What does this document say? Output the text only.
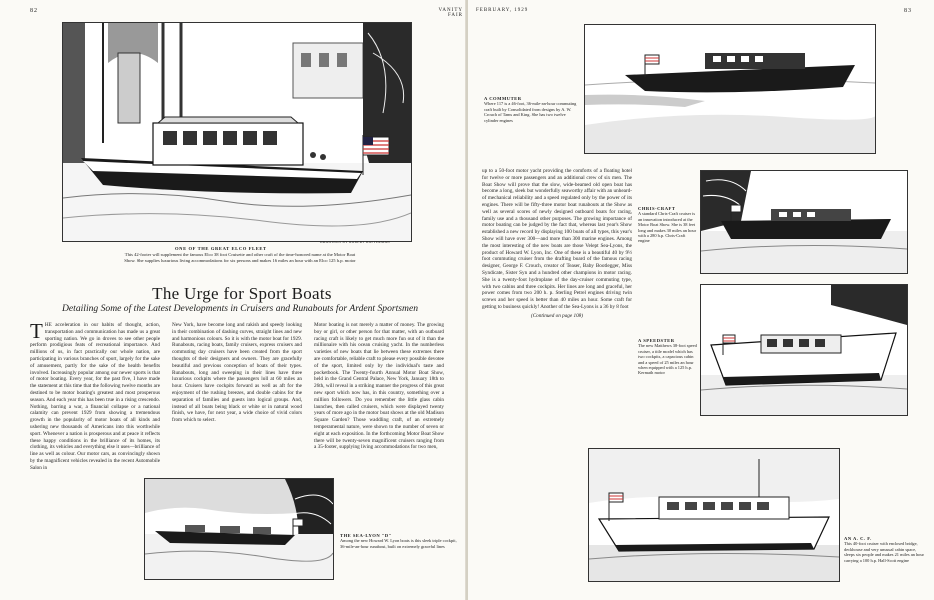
82	VANITY FAIR
ONE OF THE GREAT ELCO FLEET
DRAWINGS BY ROBERT BATTERMAN
This 42-footer will supplement the famous Elco 38 foot Cruisette and other craft of the time-honored name at the Motor Boat Show. She supplies luxurious living accommodations for six persons and makes 16 miles an hour with an Elco 125 h.p. motor
The Urge for Sport Boats
Detailing Some of the Latest Developments in Cruisers and Runabouts for Ardent Sportsmen
T HE acceleration in our habits of thought, action, transportation and communication has made us a great sporting nation. We go in droves to see other people perform prodigious feats of recreational importance. And millions of us, in fact practically our whole nation, are participating in various branches of sport, largely for the sake of amusement, partly for the sake of the health benefits involved. Increasingly popular among our newer sports is that of motor boating. Every year, for the past five, I have made the statement at this time that the following twelve months are destined to be motor boating's greatest and most prosperous season. And each year this has been true in a rising crescendo. Nothing, barring a war, a financial collapse or a national calamity can prevent 1929 from showing a tremendous growth in the popularity of motor boats of all kinds and ushering new thousands of Americans into this worthwhile sport. Whenever a nation is prosperous and at peace it reflects these happy conditions in the brilliance of its homes, its clothing, its vehicles and everything else it uses—brilliance of line as well as colour. Our motor cars, as convincingly shown by the magnificent vehicles revealed in the recent Automobile Salon in

New York, have become long and rakish and speedy looking in their combination of dashing curves, straight lines and new and harmonious colours. So it is with the motor boat for 1929. Runabouts, racing boats, family cruisers, express cruisers and commuting day cruisers have been created from the sport thoughts of their designers and owners. They are gracefully beautiful and previous conception of boats of their types. Runabouts, long and sweeping in their lines have three luxurious cockpits where the passengers loll at 60 miles an hour. Cruisers have cockpits forward as well as aft for the enjoyment of the rushing breezes, and double cabins for the separation of families and guests into logical groups. And, instead of all boats being black or white or in natural wood finish, we have, for next year, a wide choice of vivid colors from which to select.

Motor boating is not merely a matter of money. The growing boy or girl, or other person for that matter, with an outboard racing craft is likely to get much more fun out of it than the millionaire with his ocean cruising yacht. In the numberless varieties of new boats that lie between these extremes there are comfortable, reliable craft to please every possible devotee of the sport, limited only by the individual's taste and pocketbook. The Twenty-fourth Annual Motor Boat Show, held in the Grand Central Palace, New York, January 18th to 26th, will reveal in a striking manner the progress of this great new sport which now has, in this country, something over a million followers. Do you remember the little glass cabin launches, then called cruisers, which were displayed twenty years of more ago in the motor boat shows at the old Madison Square Garden? Those waddling craft, of an extremely temperamental nature, were shown to the number of seven or eight at each exposition. In the forthcoming Motor Boat Show there will be twenty-seven magnificent cruisers ranging from a 35-footer, supplying living accommodations for two men,

THE SEA-LYON "D"
Among the new Howard W. Lyon boats is this sleek triple cockpit, 36-mile-an-hour runabout, built on extremely graceful lines
FEBRUARY, 1929	83
A COMMUTER
Where 117 is a 46-foot, 36-mile-an-hour commuting craft built by Consolidated from designs by A. W. Crouch of Tams and King. She has two twelve cylinder engines

up to a 50-foot motor yacht providing the comforts of a floating hotel for twelve or more passengers and an additional crew of six men. The Boat Show will prove that the slow, wide-beamed old open boat has become a long, sleek but wonderfully seaworthy affair with an unheard-of mechanical reliability and a speed regulated only by the power of its engines. There will be fifty-three motor boat runabouts at the Show as well as several scores of newly designed outboard boats for racing, family use and a thousand other purposes. The growing importance of motor boating can be judged by the fact that, whereas last year's Show established a new record by displaying 100 boats of all types, this year's Show will have over 300—and more than 300 marine engines. Among the most interesting of the new boats are those Velept Sea-Lyons, the product of Howard W. Lyon, Inc. One of these is a beautiful 40 by 9½ foot commuting cruiser from the drafting board of the famous racing designer, George F. Crouch, creator of Teaser, Baby Bootlegger, Miss Syndicate, Sister Syn and a hundred other champions in motor racing. She is a twenty-foot hydroplane of the day-cruiser commuting type, with two cabins and three cockpits. Her lines are long and graceful, her power comes from two 200 h. p. Sterling Petrel engines driving twin screws and her speed is better than 40 miles an hour. Some craft for getting to business quickly! Another of the Sea-Lyons is a 36 by 8 foot

(Continued on page 108)

CHRIS-CRAFT
A standard Chris-Craft cruiser is an innovation introduced at the Motor Boat Show. She is 38 feet long and makes 30 miles an hour with a 280 h.p. Chris-Craft engine
A SPEEDSTER
The new Matthews 38-foot speed cruiser, a title model which has two cockpits, a capacious cabin and a speed of 25 miles an hour when equipped with a 125 h.p. Kermath motor
AN A. C. F.
This 40-foot cruiser with enclosed bridge, deckhouse and very unusual cabin space, sleeps six people and makes 21 miles an hour carrying a 100 h.p. Hall-Scott engine
